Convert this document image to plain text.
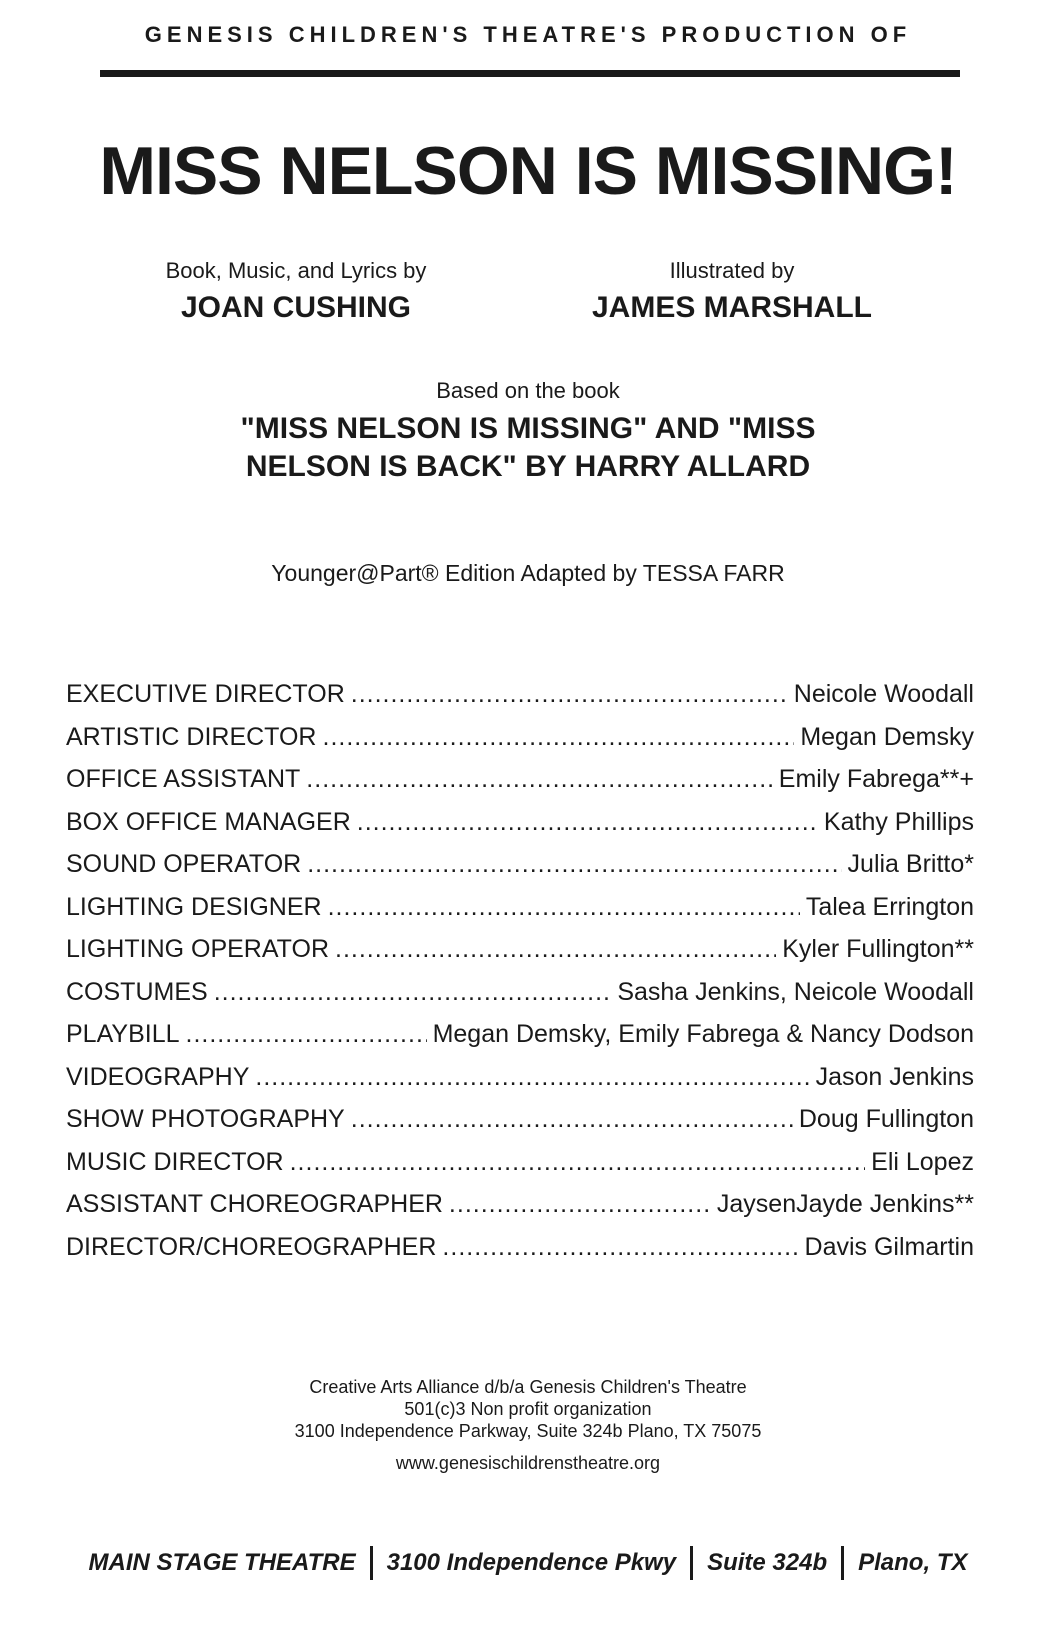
GENESIS CHILDREN'S THEATRE'S PRODUCTION OF
MISS NELSON IS MISSING!
Book, Music, and Lyrics by
JOAN CUSHING
Illustrated by
JAMES MARSHALL
Based on the book
"MISS NELSON IS MISSING" AND "MISS
NELSON IS BACK" BY HARRY ALLARD
Younger@Part® Edition Adapted by TESSA FARR
EXECUTIVE DIRECTOR .....	Neicole Woodall
ARTISTIC DIRECTOR .....	Megan Demsky
OFFICE ASSISTANT .....	Emily Fabrega**+
BOX OFFICE MANAGER .....	Kathy Phillips
SOUND OPERATOR .....	Julia Britto*
LIGHTING DESIGNER .....	Talea Errington
LIGHTING OPERATOR .....	Kyler Fullington**
COSTUMES .....	Sasha Jenkins, Neicole Woodall
PLAYBILL .....	Megan Demsky, Emily Fabrega & Nancy Dodson
VIDEOGRAPHY .....	Jason Jenkins
SHOW PHOTOGRAPHY .....	Doug Fullington
MUSIC DIRECTOR .....	Eli Lopez
ASSISTANT CHOREOGRAPHER .....	JaysenJayde Jenkins**
DIRECTOR/CHOREOGRAPHER .....	Davis Gilmartin
Creative Arts Alliance d/b/a Genesis Children's Theatre
501(c)3 Non profit organization
3100 Independence Parkway, Suite 324b Plano, TX 75075
www.genesischildrenstheatre.org
MAIN STAGE THEATRE 3100 Independence Pkwy Suite 324b Plano, TX
